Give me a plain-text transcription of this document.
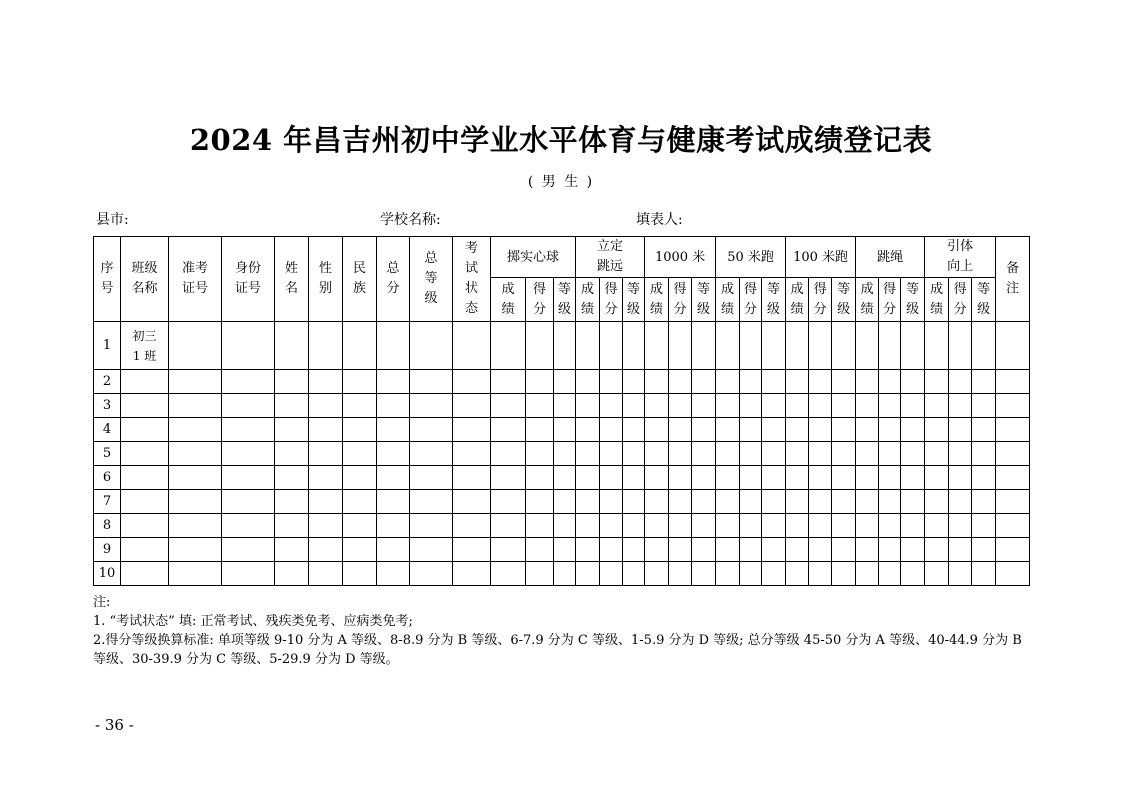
2024 年昌吉州初中学业水平体育与健康考试成绩登记表
( 男 生 )
县市:	学校名称:	填表人:
序号	班级名称	准考证号	身份证号	姓名	性别	民族	总分	总等级	考试状态	掷实心球			立定跳远			1000 米			50 米跑			100 米跑			跳绳			引体向上			备注

										成绩	得分	等级	成绩	得分	等级	成绩	得分	等级	成绩	得分	等级	成绩	得分	等级	成绩	得分	等级	成绩	得分	等级	

1	初三1 班																														

2																															
3																															
4																															
5																															
6																															
7																															
8																															
9																															
10																															
注:
1. “考试状态” 填: 正常考试、残疾类免考、应病类免考;
2.得分等级换算标准: 单项等级 9-10 分为 A 等级、8-8.9 分为 B 等级、6-7.9 分为 C 等级、1-5.9 分为 D 等级; 总分等级 45-50 分为 A 等级、40-44.9 分为 B 等级、30-39.9 分为 C 等级、5-29.9 分为 D 等级。
- 36 -
